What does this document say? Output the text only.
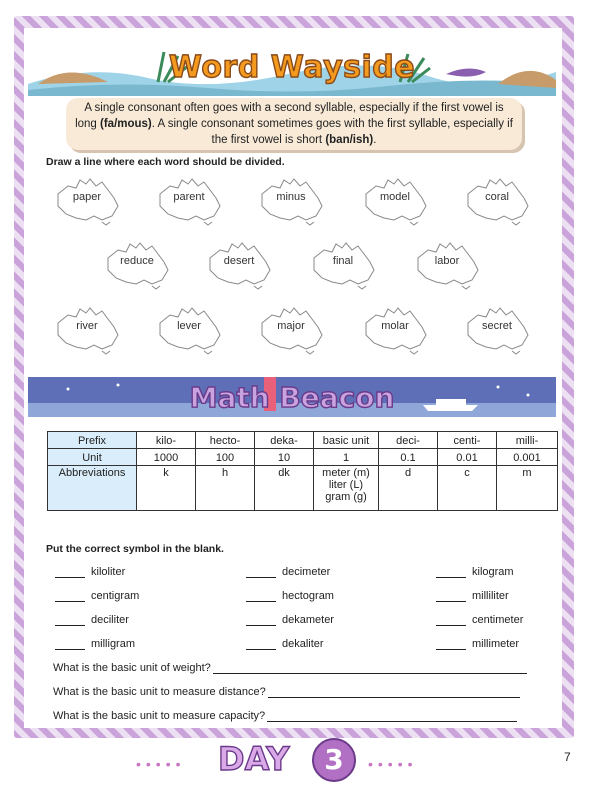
Word Wayside
A single consonant often goes with a second syllable, especially if the first vowel is long (fa/mous). A single consonant sometimes goes with the first syllable, especially if the first vowel is short (ban/ish).
Draw a line where each word should be divided.
paper	parent	minus	model	coral
reduce	desert	final	labor
river	lever	major	molar	secret
Math Beacon
Prefix	kilo-	hecto-	deka-	basic unit	deci-	centi-	milli-
Unit	1000	100	10	1	0.1	0.01	0.001
Abbreviations	k	h	dk	meter (m) liter (L) gram (g)	d	c	m
Put the correct symbol in the blank.
kiloliter	decimeter	kilogram
centigram	hectogram	milliliter
deciliter	dekameter	centimeter
milligram	dekaliter	millimeter
What is the basic unit of weight?
What is the basic unit to measure distance?
What is the basic unit to measure capacity?
••••• DAY	3	•••••	7
